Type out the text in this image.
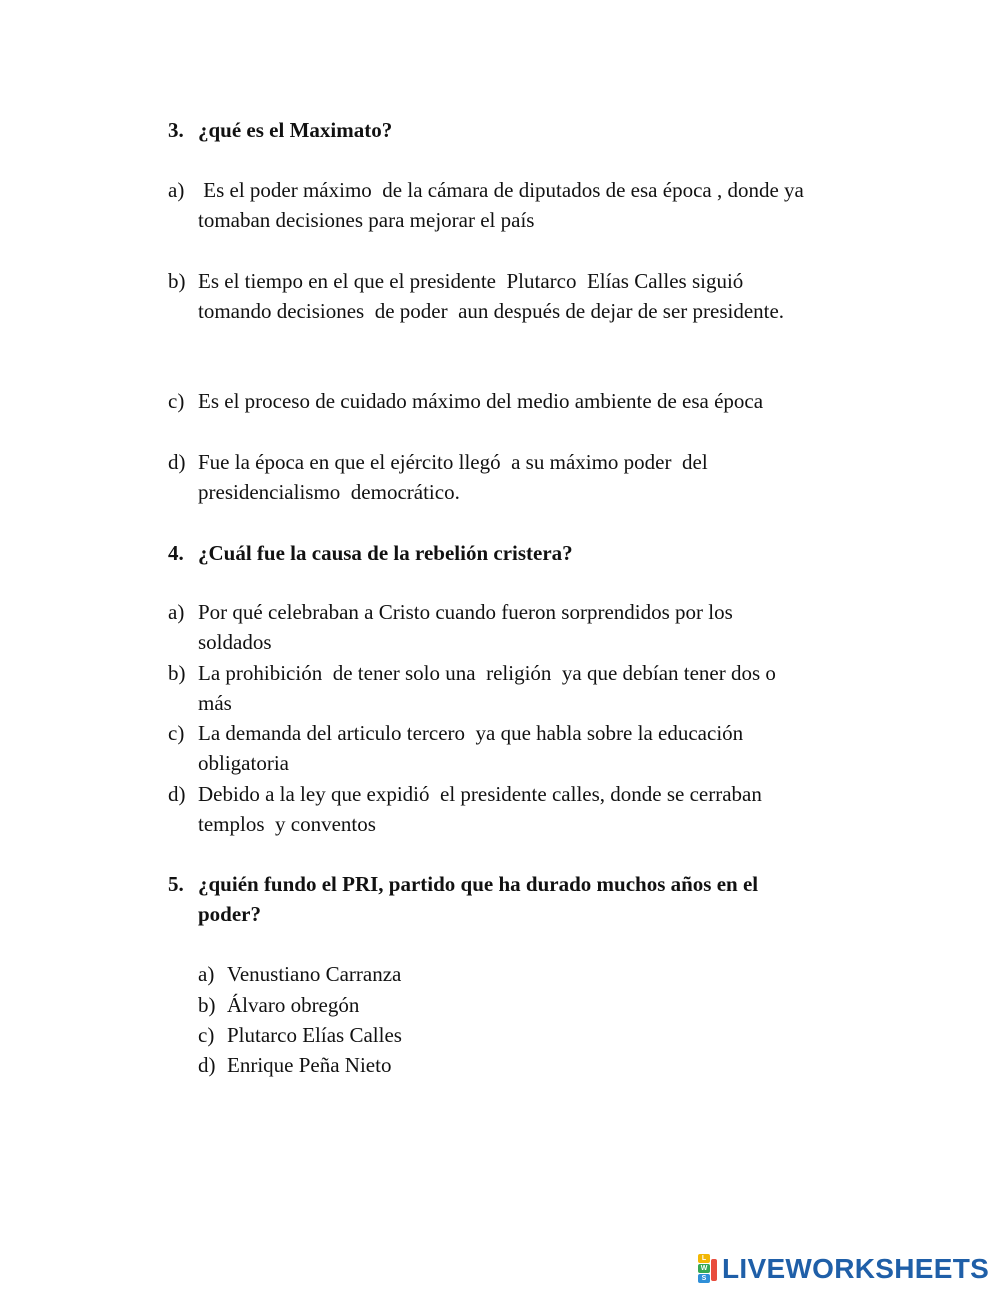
3. ¿qué es el Maximato?
a) Es el poder máximo  de la cámara de diputados de esa época , donde ya
tomaban decisiones para mejorar el país
b) Es el tiempo en el que el presidente  Plutarco  Elías Calles siguió
tomando decisiones  de poder  aun después de dejar de ser presidente.
c) Es el proceso de cuidado máximo del medio ambiente de esa época
d) Fue la época en que el ejército llegó  a su máximo poder  del
presidencialismo  democrático.
4. ¿Cuál fue la causa de la rebelión cristera?
a) Por qué celebraban a Cristo cuando fueron sorprendidos por los
soldados
b) La prohibición  de tener solo una  religión  ya que debían tener dos o
más
c) La demanda del articulo tercero  ya que habla sobre la educación
obligatoria
d) Debido a la ley que expidió  el presidente calles, donde se cerraban
templos  y conventos
5. ¿quién fundo el PRI, partido que ha durado muchos años en el
poder?
a) Venustiano Carranza
b) Álvaro obregón
c) Plutarco Elías Calles
d) Enrique Peña Nieto
L
W
S LIVEWORKSHEETS
